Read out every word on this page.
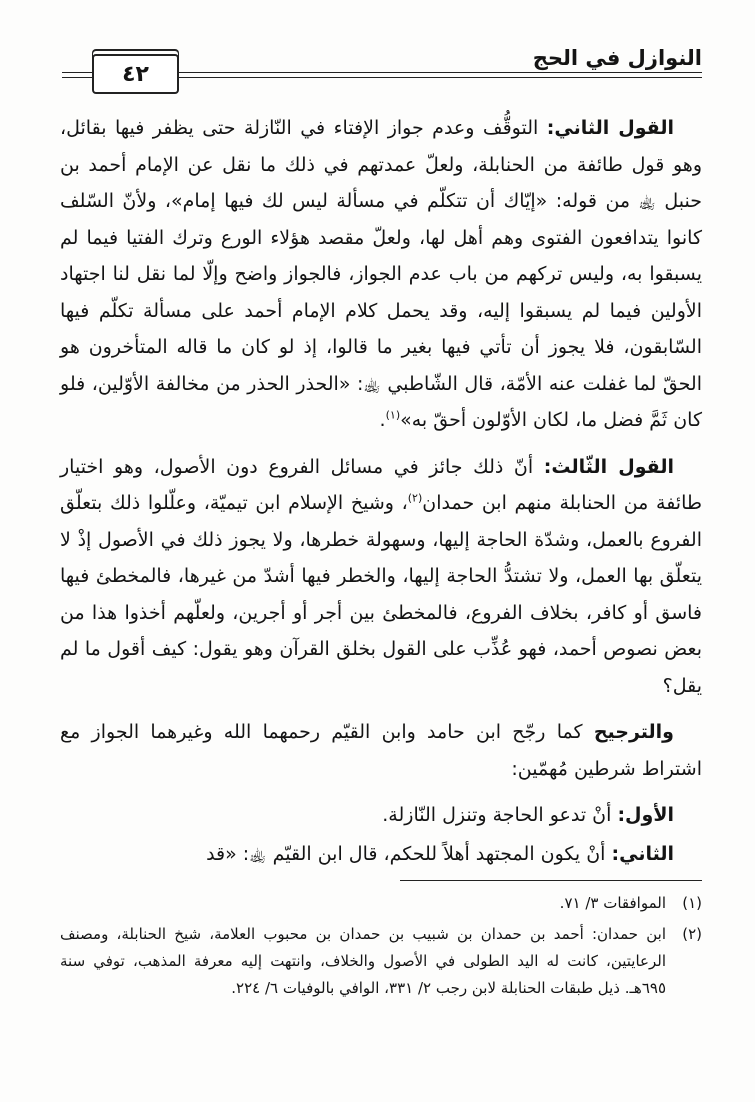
٤٢
النوازل في الحج

القول الثاني: التوقُّف وعدم جواز الإفتاء في النّازلة حتى يظفر فيها بقائل، وهو قول طائفة من الحنابلة، ولعلّ عمدتهم في ذلك ما نقل عن الإمام أحمد بن حنبل ﵀ من قوله: «إيّاك أن تتكلّم في مسألة ليس لك فيها إمام»، ولأنّ السّلف كانوا يتدافعون الفتوى وهم أهل لها، ولعلّ مقصد هؤلاء الورع وترك الفتيا فيما لم يسبقوا به، وليس تركهم من باب عدم الجواز، فالجواز واضح وإلّا لما نقل لنا اجتهاد الأولين فيما لم يسبقوا إليه، وقد يحمل كلام الإمام أحمد على مسألة تكلّم فيها السّابقون، فلا يجوز أن تأتي فيها بغير ما قالوا، إذ لو كان ما قاله المتأخرون هو الحقّ لما غفلت عنه الأمّة، قال الشّاطبي ﵀: «الحذر الحذر من مخالفة الأوّلين، فلو كان ثَمَّ فضل ما، لكان الأوّلون أحقّ به»$^{(١)}$.

القول الثّالث: أنّ ذلك جائز في مسائل الفروع دون الأصول، وهو اختيار طائفة من الحنابلة منهم ابن حمدان$^{(٢)}$، وشيخ الإسلام ابن تيميّة، وعلّلوا ذلك بتعلّق الفروع بالعمل، وشدّة الحاجة إليها، وسهولة خطرها، ولا يجوز ذلك في الأصول إذْ لا يتعلّق بها العمل، ولا تشتدُّ الحاجة إليها، والخطر فيها أشدّ من غيرها، فالمخطئ فيها فاسق أو كافر، بخلاف الفروع، فالمخطئ بين أجر أو أجرين، ولعلّهم أخذوا هذا من بعض نصوص أحمد، فهو عُذِّب على القول بخلق القرآن وهو يقول: كيف أقول ما لم يقل؟

والترجيح كما رجّح ابن حامد وابن القيّم رحمهما الله وغيرهما الجواز مع اشتراط شرطين مُهمّين:

الأول: أنْ تدعو الحاجة وتنزل النّازلة.

الثاني: أنْ يكون المجتهد أهلاً للحكم، قال ابن القيّم ﵀: «قد

(١)
الموافقات ٣/ ٧١.
(٢)
ابن حمدان: أحمد بن حمدان بن شبيب بن حمدان بن محبوب العلامة، شيخ الحنابلة، ومصنف الرعايتين، كانت له اليد الطولى في الأصول والخلاف، وانتهت إليه معرفة المذهب، توفي سنة ٦٩٥هـ. ذيل طبقات الحنابلة لابن رجب ٢/ ٣٣١، الوافي بالوفيات ٦/ ٢٢٤.
